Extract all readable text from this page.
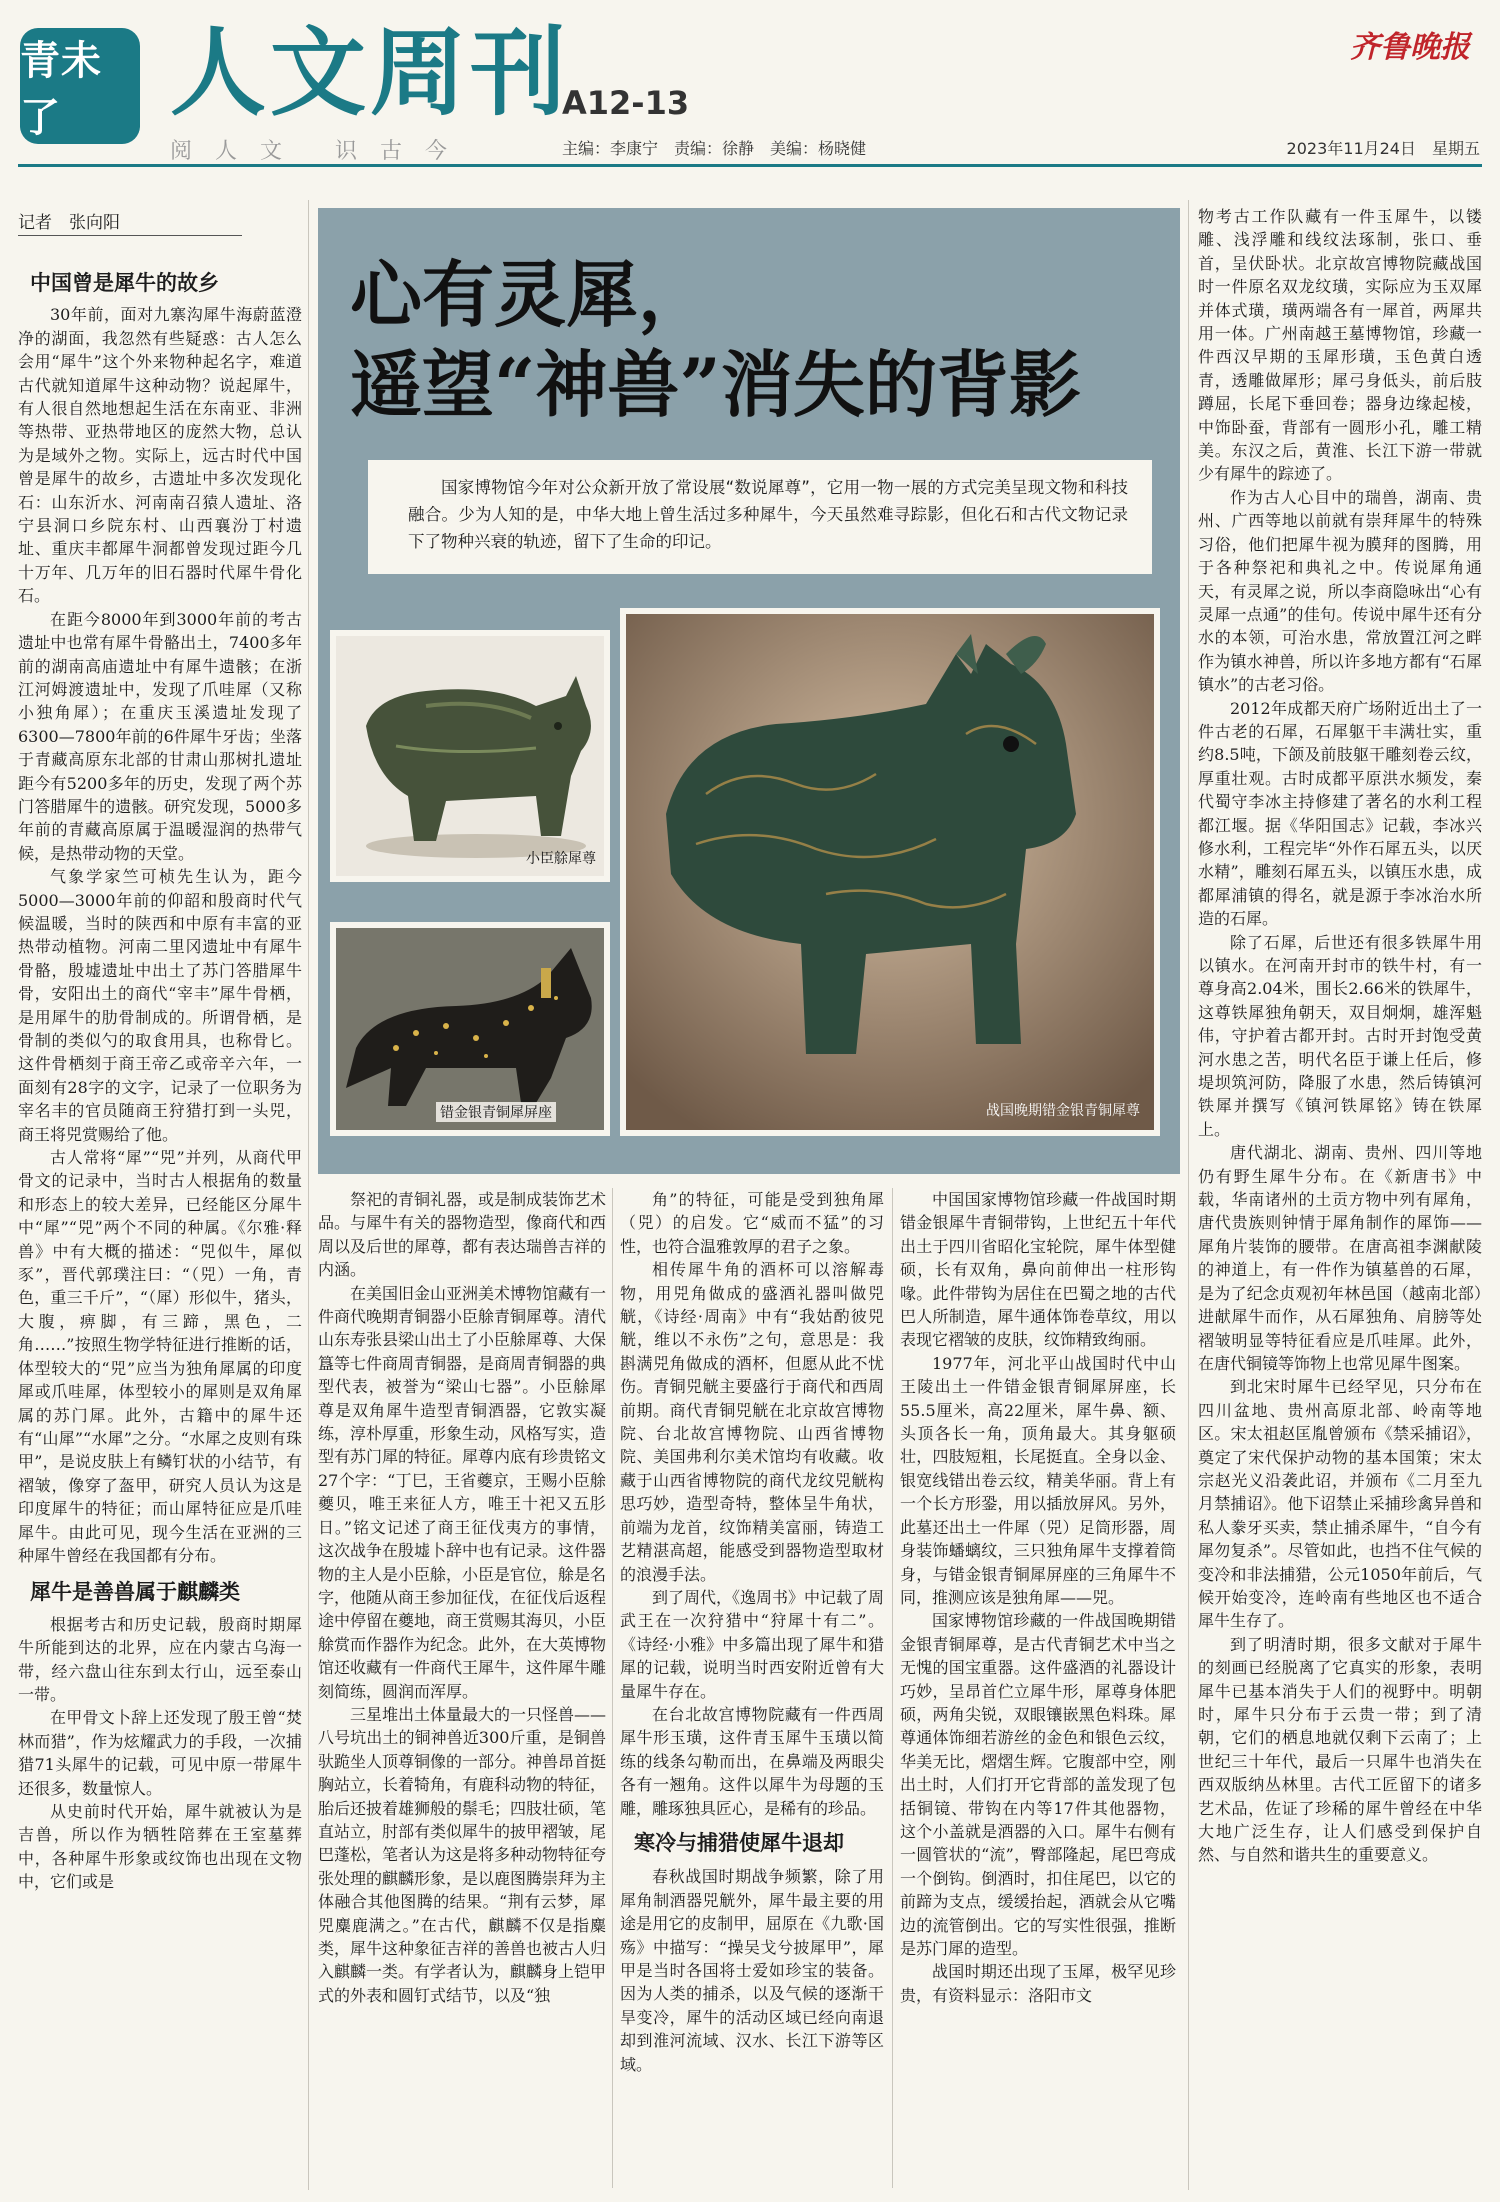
青未了	人文周刊
A12-13
阅人文 识古今
齐鲁晚报
主编：李康宁　责编：徐静　美编：杨晓健	2023年11月24日　星期五
记者　张向阳

中国曾是犀牛的故乡

30年前，面对九寨沟犀牛海蔚蓝澄净的湖面，我忽然有些疑惑：古人怎么会用“犀牛”这个外来物种起名字，难道古代就知道犀牛这种动物？说起犀牛，有人很自然地想起生活在东南亚、非洲等热带、亚热带地区的庞然大物，总认为是域外之物。实际上，远古时代中国曾是犀牛的故乡，古遗址中多次发现化石：山东沂水、河南南召猿人遗址、洛宁县洞口乡院东村、山西襄汾丁村遗址、重庆丰都犀牛洞都曾发现过距今几十万年、几万年的旧石器时代犀牛骨化石。

在距今8000年到3000年前的考古遗址中也常有犀牛骨骼出土，7400多年前的湖南高庙遗址中有犀牛遗骸；在浙江河姆渡遗址中，发现了爪哇犀（又称小独角犀）；在重庆玉溪遗址发现了6300—7800年前的6件犀牛牙齿；坐落于青藏高原东北部的甘肃山那树扎遗址距今有5200多年的历史，发现了两个苏门答腊犀牛的遗骸。研究发现，5000多年前的青藏高原属于温暖湿润的热带气候，是热带动物的天堂。

气象学家竺可桢先生认为，距今5000—3000年前的仰韶和殷商时代气候温暖，当时的陕西和中原有丰富的亚热带动植物。河南二里冈遗址中有犀牛骨骼，殷墟遗址中出土了苏门答腊犀牛骨，安阳出土的商代“宰丰”犀牛骨栖，是用犀牛的肋骨制成的。所谓骨栖，是骨制的类似勺的取食用具，也称骨匕。这件骨栖刻于商王帝乙或帝辛六年，一面刻有28字的文字，记录了一位职务为宰名丰的官员随商王狩猎打到一头兕，商王将兕赏赐给了他。

古人常将“犀”“兕”并列，从商代甲骨文的记录中，当时古人根据角的数量和形态上的较大差异，已经能区分犀牛中“犀”“兕”两个不同的种属。《尔雅·释兽》中有大概的描述：“兕似牛，犀似豕”，晋代郭璞注曰：“（兕）一角，青色，重三千斤”，“（犀）形似牛，猪头，大腹，痹脚，有三蹄，黑色，二角……”按照生物学特征进行推断的话，体型较大的“兕”应当为独角犀属的印度犀或爪哇犀，体型较小的犀则是双角犀属的苏门犀。此外，古籍中的犀牛还有“山犀”“水犀”之分。“水犀之皮则有珠甲”，是说皮肤上有鳞钉状的小结节，有褶皱，像穿了盔甲，研究人员认为这是印度犀牛的特征；而山犀特征应是爪哇犀牛。由此可见，现今生活在亚洲的三种犀牛曾经在我国都有分布。

犀牛是善兽属于麒麟类

根据考古和历史记载，殷商时期犀牛所能到达的北界，应在内蒙古乌海一带，经六盘山往东到太行山，远至泰山一带。

在甲骨文卜辞上还发现了殷王曾“焚林而猎”，作为炫耀武力的手段，一次捕猎71头犀牛的记载，可见中原一带犀牛还很多，数量惊人。

从史前时代开始，犀牛就被认为是吉兽，所以作为牺牲陪葬在王室墓葬中，各种犀牛形象或纹饰也出现在文物中，它们或是

心有灵犀，
遥望“神兽”消失的背影
国家博物馆今年对公众新开放了常设展“数说犀尊”，它用一物一展的方式完美呈现文物和科技融合。少为人知的是，中华大地上曾生活过多种犀牛，今天虽然难寻踪影，但化石和古代文物记录下了物种兴衰的轨迹，留下了生命的印记。
小臣艅犀尊
错金银青铜犀屏座	战国晚期错金银青铜犀尊

祭祀的青铜礼器，或是制成装饰艺术品。与犀牛有关的器物造型，像商代和西周以及后世的犀尊，都有表达瑞兽吉祥的内涵。

在美国旧金山亚洲美术博物馆藏有一件商代晚期青铜器小臣艅青铜犀尊。清代山东寿张县梁山出土了小臣艅犀尊、大保簋等七件商周青铜器，是商周青铜器的典型代表，被誉为“梁山七器”。小臣艅犀尊是双角犀牛造型青铜酒器，它敦实凝练，淳朴厚重，形象生动，风格写实，造型有苏门犀的特征。犀尊内底有珍贵铭文27个字：“丁巳，王省夔京，王赐小臣艅夔贝，唯王来征人方，唯王十祀又五肜日。”铭文记述了商王征伐夷方的事情，这次战争在殷墟卜辞中也有记录。这件器物的主人是小臣艅，小臣是官位，艅是名字，他随从商王参加征伐，在征伐后返程途中停留在夔地，商王赏赐其海贝，小臣艅赏而作器作为纪念。此外，在大英博物馆还收藏有一件商代王犀牛，这件犀牛雕刻简练，圆润而浑厚。

三星堆出土体量最大的一只怪兽——八号坑出土的铜神兽近300斤重，是铜兽驮跪坐人顶尊铜像的一部分。神兽昂首挺胸站立，长着犄角，有鹿科动物的特征，胎后还披着雄狮般的鬃毛；四肢壮硕，笔直站立，肘部有类似犀牛的披甲褶皱，尾巴蓬松，笔者认为这是将多种动物特征夸张处理的麒麟形象，是以鹿图腾崇拜为主体融合其他图腾的结果。“荆有云梦，犀兕麋鹿满之。”在古代，麒麟不仅是指麋类，犀牛这种象征吉祥的善兽也被古人归入麒麟一类。有学者认为，麒麟身上铠甲式的外表和圆钉式结节，以及“独

角”的特征，可能是受到独角犀（兕）的启发。它“威而不猛”的习性，也符合温雅敦厚的君子之象。

相传犀牛角的酒杯可以溶解毒物，用兕角做成的盛酒礼器叫做兕觥，《诗经·周南》中有“我姑酌彼兕觥，维以不永伤”之句，意思是：我斟满兕角做成的酒杯，但愿从此不忧伤。青铜兕觥主要盛行于商代和西周前期。商代青铜兕觥在北京故宫博物院、台北故宫博物院、山西省博物院、美国弗利尔美术馆均有收藏。收藏于山西省博物院的商代龙纹兕觥构思巧妙，造型奇特，整体呈牛角状，前端为龙首，纹饰精美富丽，铸造工艺精湛高超，能感受到器物造型取材的浪漫手法。

到了周代，《逸周书》中记载了周武王在一次狩猎中“狩犀十有二”。《诗经·小雅》中多篇出现了犀牛和猎犀的记载，说明当时西安附近曾有大量犀牛存在。

在台北故宫博物院藏有一件西周犀牛形玉璜，这件青玉犀牛玉璜以简练的线条勾勒而出，在鼻端及两眼尖各有一翘角。这件以犀牛为母题的玉雕，雕琢独具匠心，是稀有的珍品。

寒冷与捕猎使犀牛退却

春秋战国时期战争频繁，除了用犀角制酒器兕觥外，犀牛最主要的用途是用它的皮制甲，屈原在《九歌·国殇》中描写：“操吴戈兮披犀甲”，犀甲是当时各国将士爱如珍宝的装备。因为人类的捕杀，以及气候的逐渐干旱变冷，犀牛的活动区域已经向南退却到淮河流域、汉水、长江下游等区域。

中国国家博物馆珍藏一件战国时期错金银犀牛青铜带钩，上世纪五十年代出土于四川省昭化宝轮院，犀牛体型健硕，长有双角，鼻向前伸出一柱形钩喙。此件带钩为居住在巴蜀之地的古代巴人所制造，犀牛通体饰卷草纹，用以表现它褶皱的皮肤，纹饰精致绚丽。

1977年，河北平山战国时代中山王陵出土一件错金银青铜犀屏座，长55.5厘米，高22厘米，犀牛鼻、额、头顶各长一角，顶角最大。其身躯硕壮，四肢短粗，长尾挺直。全身以金、银宽线错出卷云纹，精美华丽。背上有一个长方形銎，用以插放屏风。另外，此墓还出土一件犀（兕）足筒形器，周身装饰蟠螭纹，三只独角犀牛支撑着筒身，与错金银青铜犀屏座的三角犀牛不同，推测应该是独角犀——兕。

国家博物馆珍藏的一件战国晚期错金银青铜犀尊，是古代青铜艺术中当之无愧的国宝重器。这件盛酒的礼器设计巧妙，呈昂首伫立犀牛形，犀尊身体肥硕，两角尖锐，双眼镶嵌黑色料珠。犀尊通体饰细若游丝的金色和银色云纹，华美无比，熠熠生辉。它腹部中空，刚出土时，人们打开它背部的盖发现了包括铜镜、带钩在内等17件其他器物，这个小盖就是酒器的入口。犀牛右侧有一圆管状的“流”，臀部隆起，尾巴弯成一个倒钩。倒酒时，扣住尾巴，以它的前蹄为支点，缓缓抬起，酒就会从它嘴边的流管倒出。它的写实性很强，推断是苏门犀的造型。

战国时期还出现了玉犀，极罕见珍贵，有资料显示：洛阳市文

物考古工作队藏有一件玉犀牛，以镂雕、浅浮雕和线纹法琢制，张口、垂首，呈伏卧状。北京故宫博物院藏战国时一件原名双龙纹璜，实际应为玉双犀并体式璜，璜两端各有一犀首，两犀共用一体。广州南越王墓博物馆，珍藏一件西汉早期的玉犀形璜，玉色黄白透青，透雕做犀形；犀弓身低头，前后肢蹲屈，长尾下垂回卷；器身边缘起棱，中饰卧蚕，背部有一圆形小孔，雕工精美。东汉之后，黄淮、长江下游一带就少有犀牛的踪迹了。

作为古人心目中的瑞兽，湖南、贵州、广西等地以前就有崇拜犀牛的特殊习俗，他们把犀牛视为膜拜的图腾，用于各种祭祀和典礼之中。传说犀角通天，有灵犀之说，所以李商隐咏出“心有灵犀一点通”的佳句。传说中犀牛还有分水的本领，可治水患，常放置江河之畔作为镇水神兽，所以许多地方都有“石犀镇水”的古老习俗。

2012年成都天府广场附近出土了一件古老的石犀，石犀躯干丰满壮实，重约8.5吨，下颌及前肢躯干雕刻卷云纹，厚重壮观。古时成都平原洪水频发，秦代蜀守李冰主持修建了著名的水利工程都江堰。据《华阳国志》记载，李冰兴修水利，工程完毕“外作石犀五头，以厌水精”，雕刻石犀五头，以镇压水患，成都犀浦镇的得名，就是源于李冰治水所造的石犀。

除了石犀，后世还有很多铁犀牛用以镇水。在河南开封市的铁牛村，有一尊身高2.04米，围长2.66米的铁犀牛，这尊铁犀独角朝天，双目炯炯，雄浑魁伟，守护着古都开封。古时开封饱受黄河水患之苦，明代名臣于谦上任后，修堤坝筑河防，降服了水患，然后铸镇河铁犀并撰写《镇河铁犀铭》铸在铁犀上。

唐代湖北、湖南、贵州、四川等地仍有野生犀牛分布。在《新唐书》中载，华南诸州的土贡方物中列有犀角，唐代贵族则钟情于犀角制作的犀饰——犀角片装饰的腰带。在唐高祖李渊献陵的神道上，有一件作为镇墓兽的石犀，是为了纪念贞观初年林邑国（越南北部）进献犀牛而作，从石犀独角、肩膀等处褶皱明显等特征看应是爪哇犀。此外，在唐代铜镜等饰物上也常见犀牛图案。

到北宋时犀牛已经罕见，只分布在四川盆地、贵州高原北部、岭南等地区。宋太祖赵匡胤曾颁布《禁采捕诏》，奠定了宋代保护动物的基本国策；宋太宗赵光义沿袭此诏，并颁布《二月至九月禁捕诏》。他下诏禁止采捕珍禽异兽和私人豢牙买卖，禁止捕杀犀牛，“自今有犀勿复杀”。尽管如此，也挡不住气候的变冷和非法捕猎，公元1050年前后，气候开始变冷，连岭南有些地区也不适合犀牛生存了。

到了明清时期，很多文献对于犀牛的刻画已经脱离了它真实的形象，表明犀牛已基本消失于人们的视野中。明朝时，犀牛只分布于云贵一带；到了清朝，它们的栖息地就仅剩下云南了；上世纪三十年代，最后一只犀牛也消失在西双版纳丛林里。古代工匠留下的诸多艺术品，佐证了珍稀的犀牛曾经在中华大地广泛生存，让人们感受到保护自然、与自然和谐共生的重要意义。
